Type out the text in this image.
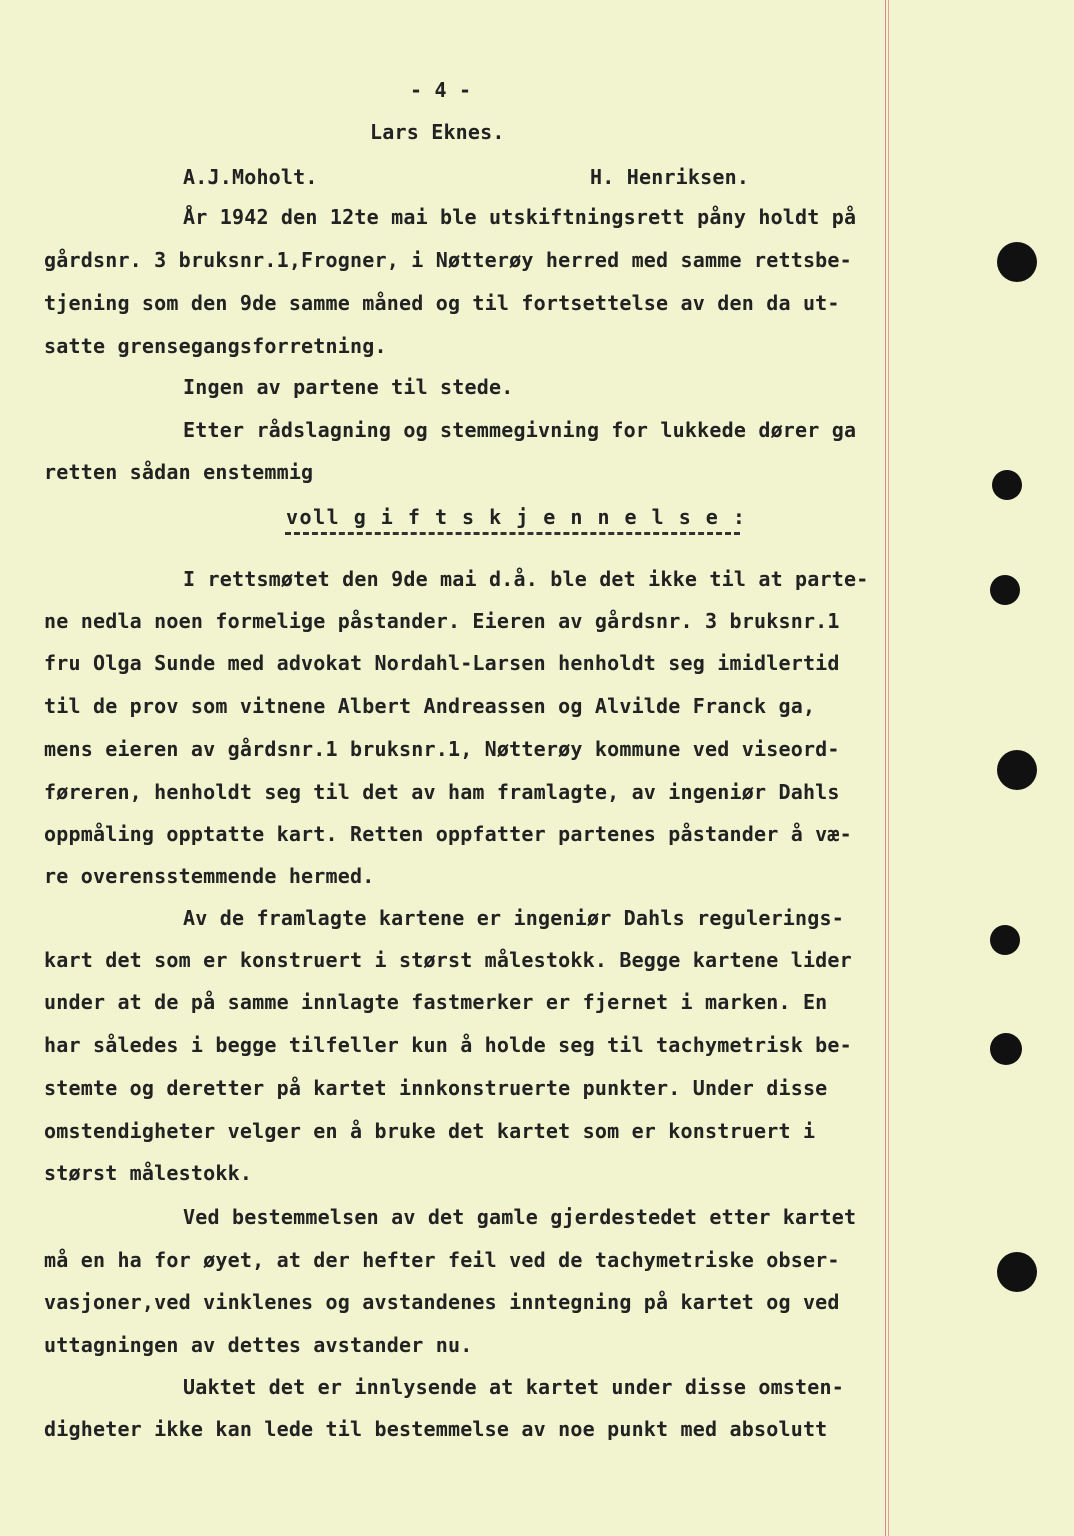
- 4 -

Lars Eknes.

A.J.Moholt.	H. Henriksen.

År 1942 den 12te mai ble utskiftningsrett påny holdt på

gårdsnr. 3 bruksnr.1,Frogner, i Nøtterøy herred med samme rettsbe-

tjening som den 9de samme måned og til fortsettelse av den da ut-

satte grensegangsforretning.

Ingen av partene til stede.

Etter rådslagning og stemmegivning for lukkede dører ga

retten sådan enstemmig

voll g i f t s k j e n n e l s e :

I rettsmøtet den 9de mai d.å. ble det ikke til at parte-

ne nedla noen formelige påstander. Eieren av gårdsnr. 3 bruksnr.1

fru Olga Sunde med advokat Nordahl-Larsen henholdt seg imidlertid

til de prov som vitnene Albert Andreassen og Alvilde Franck ga,

mens eieren av gårdsnr.1 bruksnr.1, Nøtterøy kommune ved viseord-

føreren, henholdt seg til det av ham framlagte, av ingeniør Dahls

oppmåling opptatte kart. Retten oppfatter partenes påstander å væ-

re overensstemmende hermed.

Av de framlagte kartene er ingeniør Dahls regulerings-

kart det som er konstruert i størst målestokk. Begge kartene lider

under at de på samme innlagte fastmerker er fjernet i marken. En

har således i begge tilfeller kun å holde seg til tachymetrisk be-

stemte og deretter på kartet innkonstruerte punkter. Under disse

omstendigheter velger en å bruke det kartet som er konstruert i

størst målestokk.

Ved bestemmelsen av det gamle gjerdestedet etter kartet

må en ha for øyet, at der hefter feil ved de tachymetriske obser-

vasjoner,ved vinklenes og avstandenes inntegning på kartet og ved

uttagningen av dettes avstander nu.

Uaktet det er innlysende at kartet under disse omsten-

digheter ikke kan lede til bestemmelse av noe punkt med absolutt
